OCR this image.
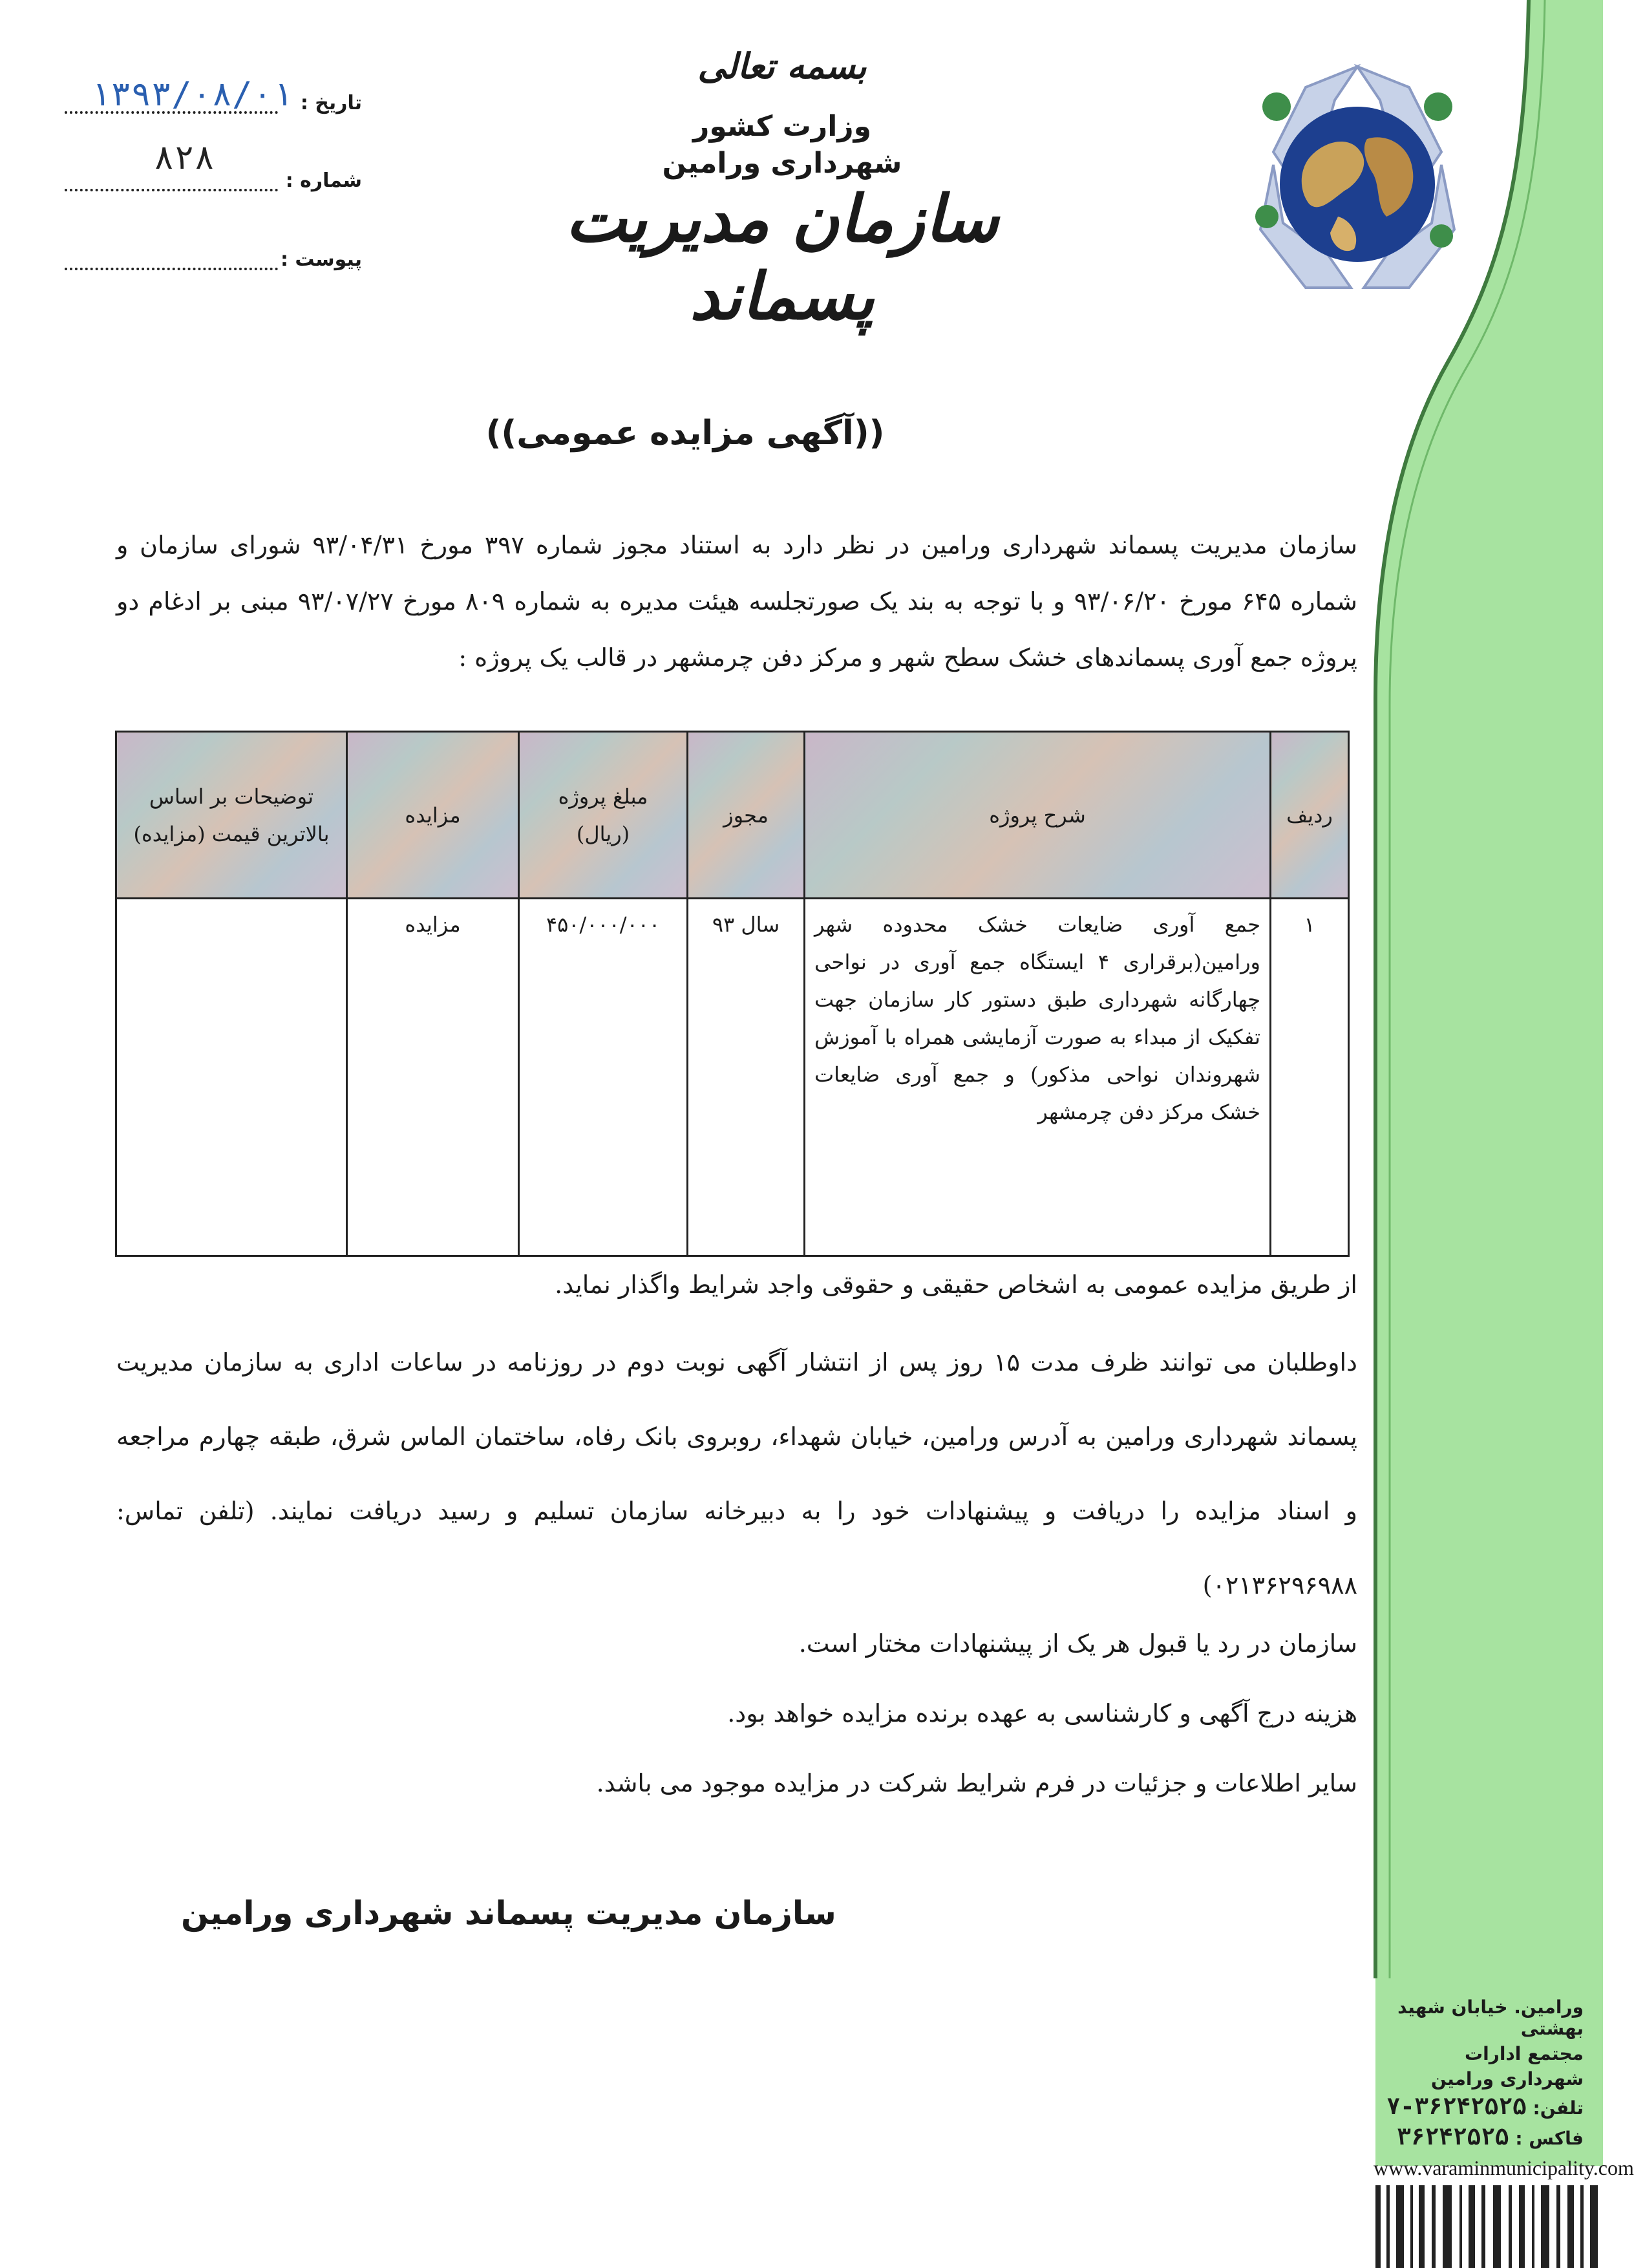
بسمه تعالی
وزارت کشور
شهرداری ورامین
سازمان مدیریت پسماند
تاریخ :
۱۳۹۳/۰۸/۰۱
شماره :
۸۲۸
پیوست :
((آگهی مزایده عمومی))

سازمان مدیریت پسماند شهرداری ورامین در نظر دارد به استناد مجوز شماره ۳۹۷ مورخ ۹۳/۰۴/۳۱ شورای سازمان و شماره ۶۴۵ مورخ ۹۳/۰۶/۲۰ و با توجه به بند یک صورتجلسه هیئت مدیره به شماره ۸۰۹ مورخ ۹۳/۰۷/۲۷ مبنی بر ادغام دو پروژه جمع آوری پسماندهای خشک سطح شهر و مرکز دفن چرمشهر در قالب یک پروژه :

ردیف	شرح پروژه	مجوز	مبلغ پروژه (ریال)	مزایده	توضیحات بر اساس بالاترین قیمت (مزایده)
۱	جمع آوری ضایعات خشک محدوده شهر ورامین(برقراری ۴ ایستگاه جمع آوری در نواحی چهارگانه شهرداری طبق دستور کار سازمان جهت تفکیک از مبداء به صورت آزمایشی همراه با آموزش شهروندان نواحی مذکور) و جمع آوری ضایعات خشک مرکز دفن چرمشهر	سال ۹۳	۴۵۰/۰۰۰/۰۰۰	مزایده	
از طریق مزایده عمومی به اشخاص حقیقی و حقوقی واجد شرایط واگذار نماید.

داوطلبان می توانند ظرف مدت ۱۵ روز پس از انتشار آگهی نوبت دوم در روزنامه در ساعات اداری به سازمان مدیریت پسماند شهرداری ورامین به آدرس ورامین، خیابان شهداء، روبروی بانک رفاه، ساختمان الماس شرق، طبقه چهارم مراجعه و اسناد مزایده را دریافت و پیشنهادات خود را به دبیرخانه سازمان تسلیم و رسید دریافت نمایند. (تلفن تماس: ۰۲۱۳۶۲۹۶۹۸۸)

سازمان در رد یا قبول هر یک از پیشنهادات مختار است.
هزینه درج آگهی و کارشناسی به عهده برنده مزایده خواهد بود.
سایر اطلاعات و جزئیات در فرم شرایط شرکت در مزایده موجود می باشد.
سازمان مدیریت پسماند شهرداری ورامین
ورامین. خیابان شهید بهشتی
مجتمع ادارات
شهرداری ورامین
تلفن: ۳۶۲۴۲۵۲۵-۷
فاکس : ۳۶۲۴۲۵۲۵
www.varaminmunicipality.com
